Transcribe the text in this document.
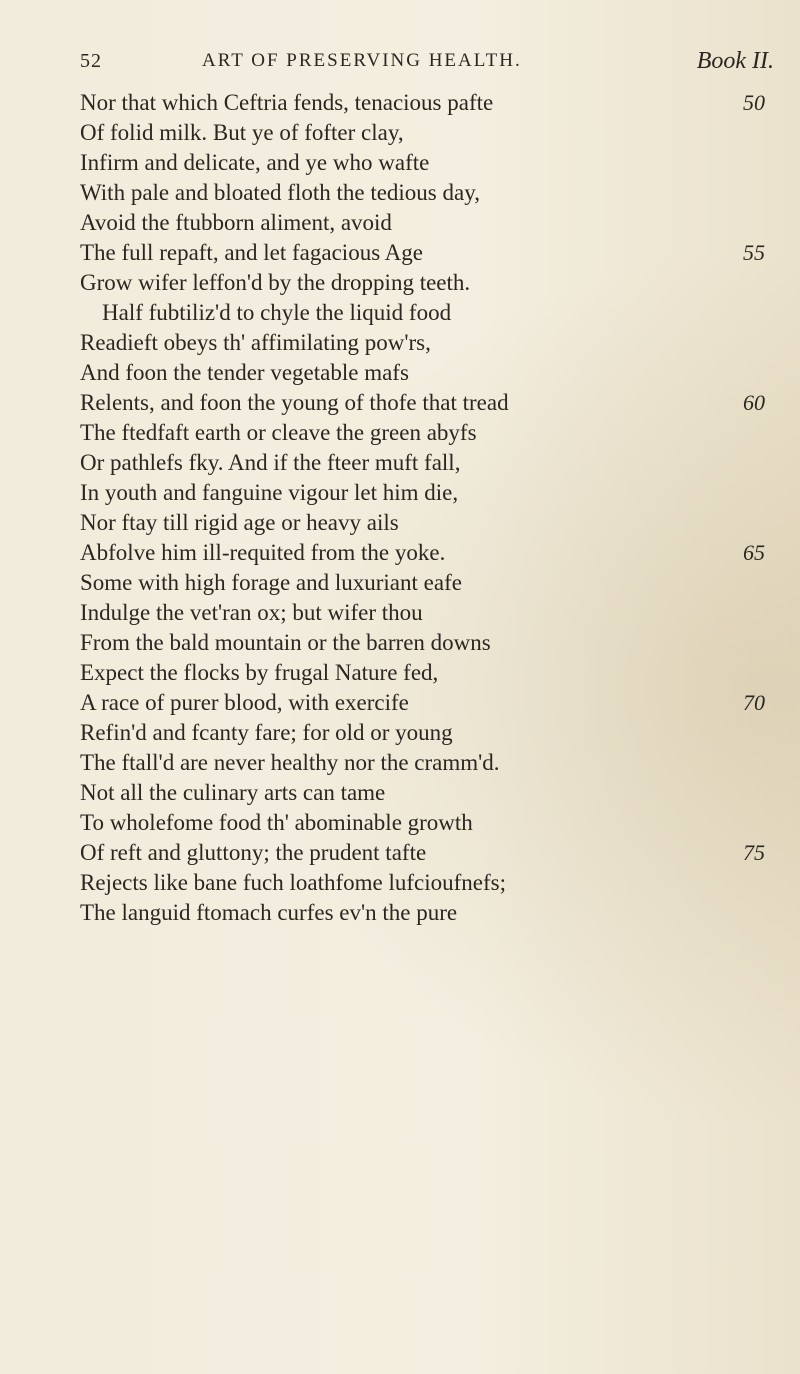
52	ART OF PRESERVING HEALTH.	Book II.
Nor that which Ceftria fends, tenacious pafte	50
Of folid milk. But ye of fofter clay,
Infirm and delicate, and ye who wafte
With pale and bloated floth the tedious day,
Avoid the ftubborn aliment, avoid
The full repaft, and let fagacious Age	55
Grow wifer leffon'd by the dropping teeth.
Half fubtiliz'd to chyle the liquid food
Readieft obeys th' affimilating pow'rs,
And foon the tender vegetable mafs
Relents, and foon the young of thofe that tread	60
The ftedfaft earth or cleave the green abyfs
Or pathlefs fky. And if the fteer muft fall,
In youth and fanguine vigour let him die,
Nor ftay till rigid age or heavy ails
Abfolve him ill-requited from the yoke.	65
Some with high forage and luxuriant eafe
Indulge the vet'ran ox; but wifer thou
From the bald mountain or the barren downs
Expect the flocks by frugal Nature fed,
A race of purer blood, with exercife	70
Refin'd and fcanty fare; for old or young
The ftall'd are never healthy nor the cramm'd.
Not all the culinary arts can tame
To wholefome food th' abominable growth
Of reft and gluttony; the prudent tafte	75
Rejects like bane fuch loathfome lufcioufnefs;
The languid ftomach curfes ev'n the pure
